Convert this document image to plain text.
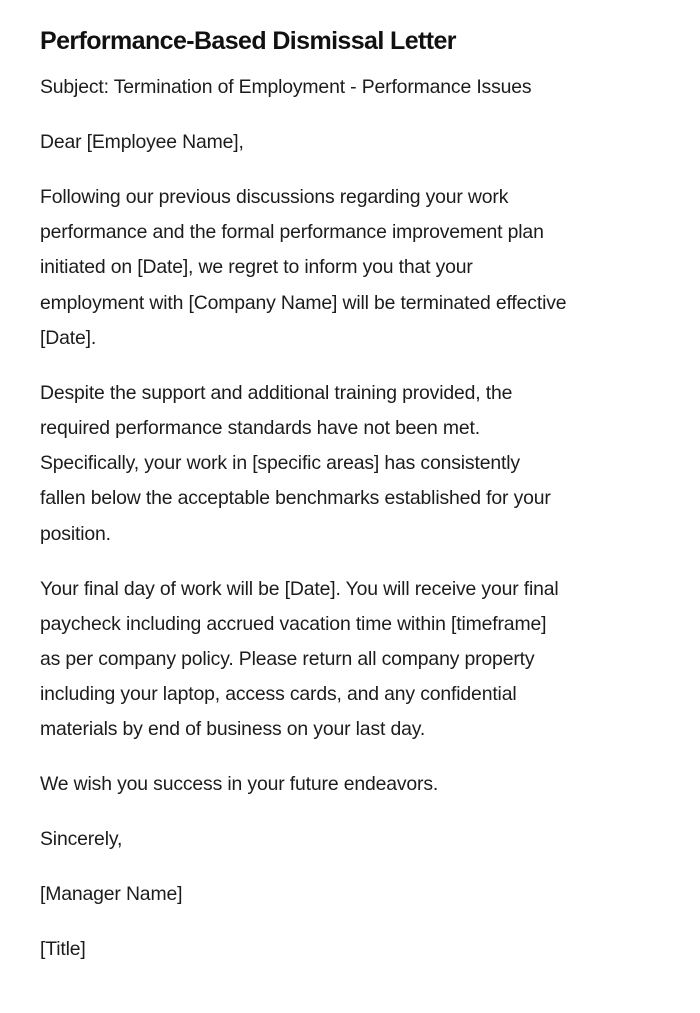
Performance-Based Dismissal Letter

Subject: Termination of Employment - Performance Issues

Dear [Employee Name],

Following our previous discussions regarding your work
performance and the formal performance improvement plan
initiated on [Date], we regret to inform you that your
employment with [Company Name] will be terminated effective
[Date].

Despite the support and additional training provided, the
required performance standards have not been met.
Specifically, your work in [specific areas] has consistently
fallen below the acceptable benchmarks established for your
position.

Your final day of work will be [Date]. You will receive your final
paycheck including accrued vacation time within [timeframe]
as per company policy. Please return all company property
including your laptop, access cards, and any confidential
materials by end of business on your last day.

We wish you success in your future endeavors.

Sincerely,

[Manager Name]

[Title]
